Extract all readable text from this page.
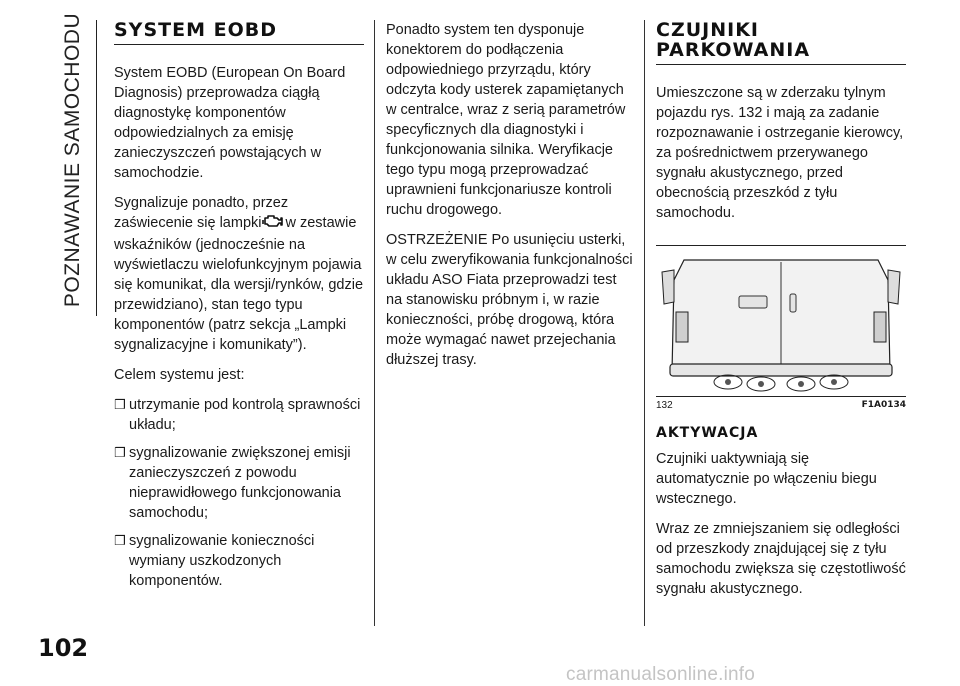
POZNAWANIE SAMOCHODU
102
SYSTEM EOBD

System EOBD (European On Board Diagnosis) przeprowadza ciągłą diagnostykę komponentów odpowiedzialnych za emisję zanieczyszczeń powstających w samochodzie.

Sygnalizuje ponadto, przez zaświecenie się lampki w zestawie wskaźników (jednocześnie na wyświetlaczu wielofunkcyjnym pojawia się komunikat, dla wersji/rynków, gdzie przewidziano), stan tego typu komponentów (patrz sekcja „Lampki sygnalizacyjne i komunikaty”).

Celem systemu jest:

❒ utrzymanie pod kontrolą sprawności układu;
❒ sygnalizowanie zwiększonej emisji zanieczyszczeń z powodu nieprawidłowego funkcjonowania samochodu;
❒ sygnalizowanie konieczności wymiany uszkodzonych komponentów.

Ponadto system ten dysponuje konektorem do podłączenia odpowiedniego przyrządu, który odczyta kody usterek zapamiętanych w centralce, wraz z serią parametrów specyficznych dla diagnostyki i funkcjonowania silnika. Weryfikacje tego typu mogą przeprowadzać uprawnieni funkcjonariusze kontroli ruchu drogowego.

OSTRZEŻENIE Po usunięciu usterki, w celu zweryfikowania funkcjonalności układu ASO Fiata przeprowadzi test na stanowisku próbnym i, w razie konieczności, próbę drogową, która może wymagać nawet przejechania dłuższej trasy.

CZUJNIKI
PARKOWANIA

Umieszczone są w zderzaku tylnym pojazdu rys. 132 i mają za zadanie rozpoznawanie i ostrzeganie kierowcy, za pośrednictwem przerywanego sygnału akustycznego, przed obecnością przeszkód z tyłu samochodu.

132	F1A0134
AKTYWACJA

Czujniki uaktywniają się automatycznie po włączeniu biegu wstecznego.

Wraz ze zmniejszaniem się odległości od przeszkody znajdującej się z tyłu samochodu zwiększa się częstotliwość sygnału akustycznego.

carmanualsonline.info
